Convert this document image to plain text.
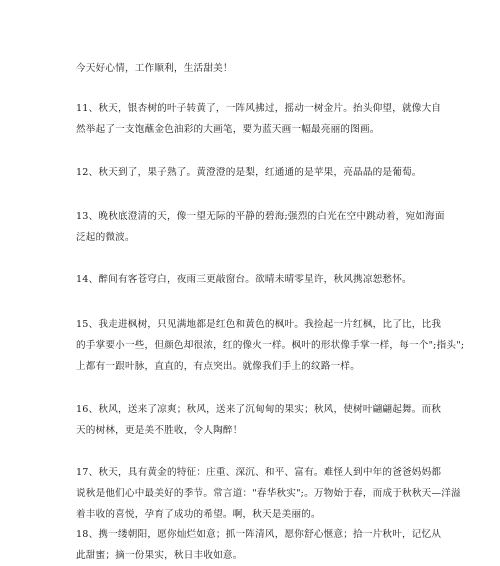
今天好心情，工作顺利，生活甜美！

11、秋天，银杏树的叶子转黄了，一阵风拂过，摇动一树金片。抬头仰望，就像大自
然举起了一支饱蘸金色油彩的大画笔，要为蓝天画一幅最亮丽的图画。

12、秋天到了，果子熟了。黄澄澄的是梨，红通通的是苹果，亮晶晶的是葡萄。

13、晚秋底澄清的天，像一望无际的平静的碧海;强烈的白光在空中跳动着，宛如海面
泛起的微波。

14、醉间有客苍穹白，夜雨三更敲窗台。欲晴未晴零星许，秋风携凉恕愁怀。

15、我走进枫树，只见满地都是红色和黄色的枫叶。我捡起一片红枫，比了比，比我
的手掌要小一些，但颜色却很浓，红的像火一样。枫叶的形状像手掌一样，每一个";指头";
上都有一跟叶脉，直直的，有点突出。就像我们手上的纹路一样。

16、秋风，送来了凉爽；秋风，送来了沉甸甸的果实；秋风，使树叶翩翩起舞。而秋
天的树林，更是美不胜收，令人陶醉！

17、秋天，具有黄金的特征：庄重、深沉、和平、富有。难怪人到中年的爸爸妈妈都
说秋是他们心中最美好的季节。常言道："春华秋实";。万物始于春，而成于秋秋天—洋溢
着丰收的喜悦，孕育了成功的希望。啊，秋天是美丽的。

18、携一缕朝阳，愿你灿烂如意；抓一阵清风，愿你舒心惬意；拾一片秋叶，记忆从
此甜蜜；摘一份果实，秋日丰收如意。
